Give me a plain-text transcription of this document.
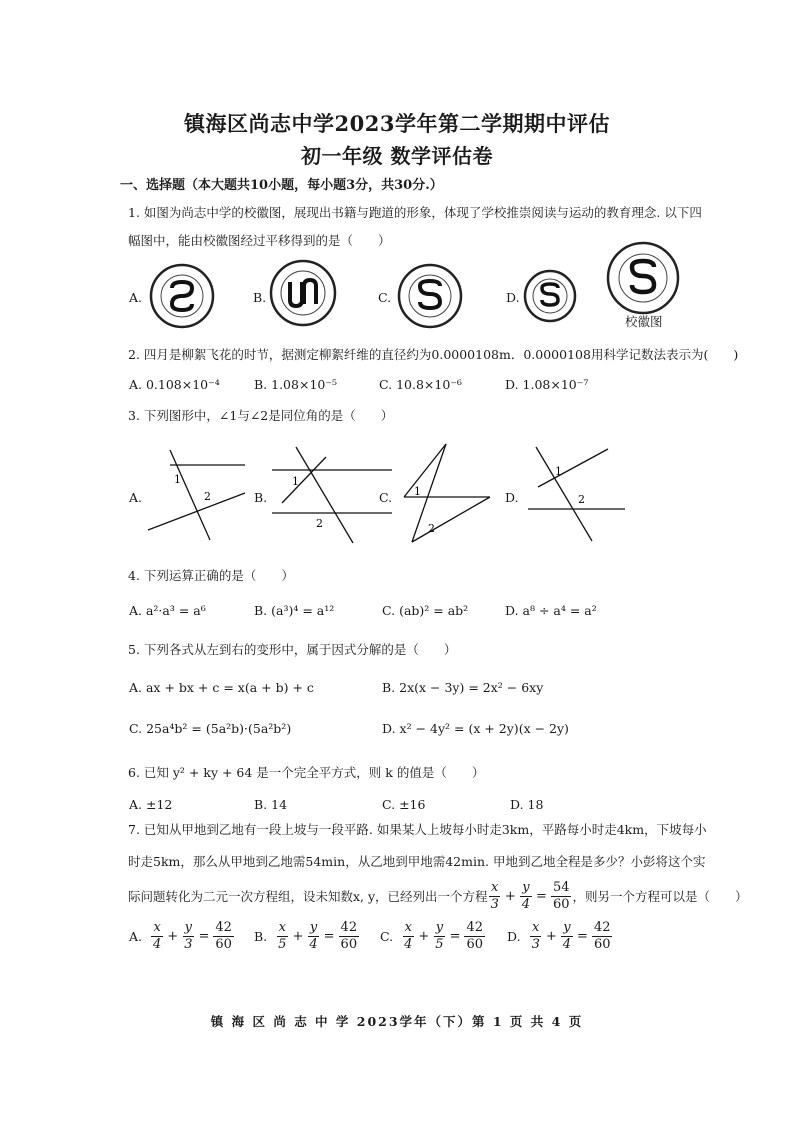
镇海区尚志中学2023学年第二学期期中评估
初一年级 数学评估卷
一、选择题（本大题共10小题，每小题3分，共30分.）
1. 如图为尚志中学的校徽图，展现出书籍与跑道的形象，体现了学校推崇阅读与运动的教育理念. 以下四
幅图中，能由校徽图经过平移得到的是（　　）
A.	B.	C.	D.
校徽图
2. 四月是柳絮飞花的时节，据测定柳絮纤维的直径约为0.0000108m．0.0000108用科学记数法表示为(　　)
A. 0.108×10⁻⁴	B. 1.08×10⁻⁵	C. 10.8×10⁻⁶	D. 1.08×10⁻⁷
3. 下列图形中，∠1与∠2是同位角的是（　　）
A.
1
2	B.
1
2
C. 1
2
D.
1
2
4. 下列运算正确的是（　　）
A. a²·a³ = a⁶	B. (a³)⁴ = a¹²	C. (ab)² = ab²	D. a⁸ ÷ a⁴ = a²
5. 下列各式从左到右的变形中，属于因式分解的是（　　）
A. ax + bx + c = x(a + b) + c	B. 2x(x − 3y) = 2x² − 6xy
C. 25a⁴b² = (5a²b)·(5a²b²)	D. x² − 4y² = (x + 2y)(x − 2y)
6. 已知 y² + ky + 64 是一个完全平方式，则 k 的值是（　　）
A. ±12	B. 14	C. ±16	D. 18
7. 已知从甲地到乙地有一段上坡与一段平路. 如果某人上坡每小时走3km，平路每小时走4km，下坡每小
时走5km，那么从甲地到乙地需54min，从乙地到甲地需42min. 甲地到乙地全程是多少？小彭将这个实
际问题转化为二元一次方程组，设未知数x, y，已经列出一个方程 $\frac{x}{3} + \frac{y}{4} = \frac{54}{60}$ ，则另一个方程可以是（　　）
A. $\frac{x}{4} + \frac{y}{3} = \frac{42}{60} B$. $\frac{x}{5} + \frac{y}{4} = \frac{42}{60} C$. $\frac{x}{4} + \frac{y}{5} = \frac{42}{60} D$. $\frac{x}{3} + \frac{y}{4} = \frac{42}{60}$
镇 海 区 尚 志 中 学 2023学年（下）第 1 页 共 4 页
